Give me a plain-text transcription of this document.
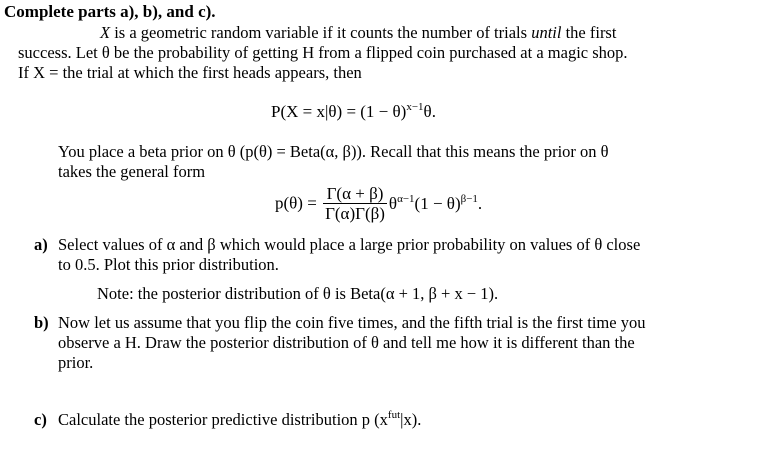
Complete parts a), b), and c).
X is a geometric random variable if it counts the number of trials until the first
success. Let θ be the probability of getting H from a flipped coin purchased at a magic shop.
If X = the trial at which the first heads appears, then
$P(X = x|\theta) = (1 - \theta)^{x-1}\theta$.
You place a beta prior on θ (p(θ) = Beta(α, β)). Recall that this means the prior on θ
takes the general form
$p(\theta) = \frac{\Gamma(\alpha + \beta)}{\Gamma(\alpha)\Gamma(\beta)} \theta^{\alpha-1}(1 - \theta)^{\beta-1}$.
a) Select values of α and β which would place a large prior probability on values of θ close
to 0.5. Plot this prior distribution.
Note: the posterior distribution of θ is Beta(α + 1, β + x − 1).
b) Now let us assume that you flip the coin five times, and the fifth trial is the first time you
observe a H. Draw the posterior distribution of θ and tell me how it is different than the
prior.
c) Calculate the posterior predictive distribution p $(x^{fut}|x)$.
